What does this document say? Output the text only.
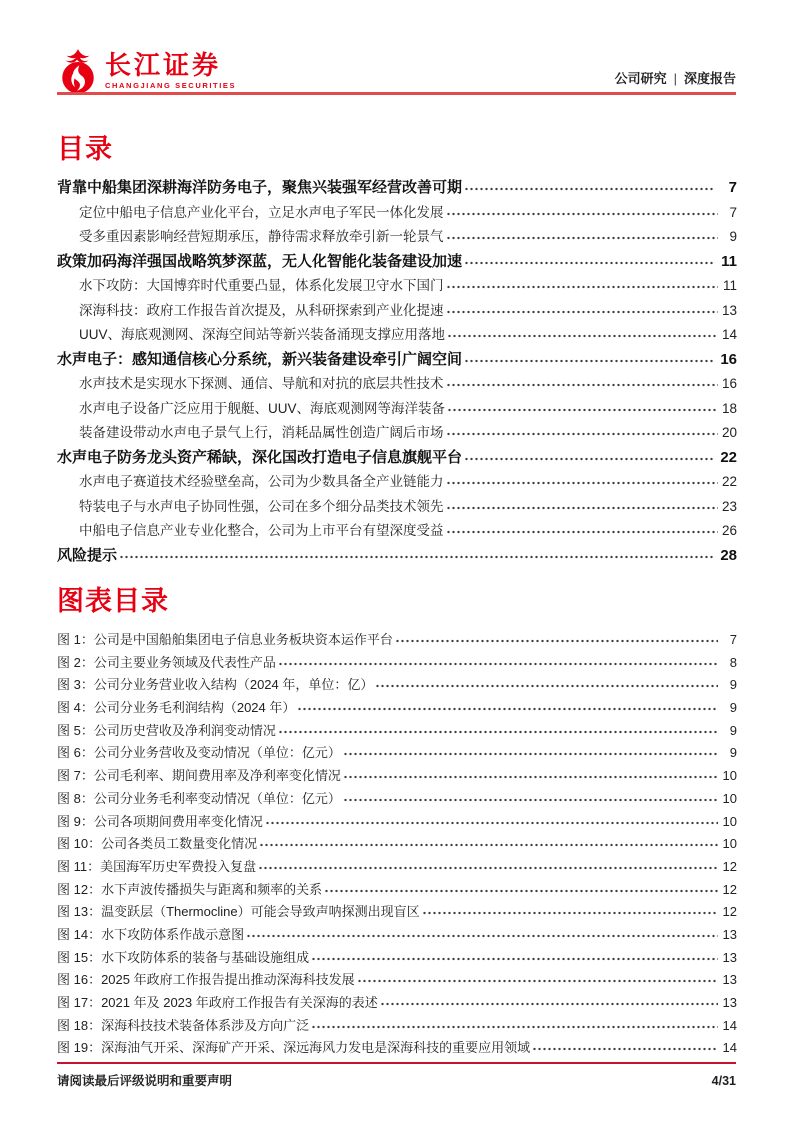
长江证券
CHANGJIANG SECURITIES	公司研究 | 深度报告
目录
背靠中船集团深耕海洋防务电子，聚焦兴装强军经营改善可期	7
定位中船电子信息产业化平台，立足水声电子军民一体化发展	7
受多重因素影响经营短期承压，静待需求释放牵引新一轮景气	9
政策加码海洋强国战略筑梦深蓝，无人化智能化装备建设加速	11
水下攻防：大国博弈时代重要凸显，体系化发展卫守水下国门	11
深海科技：政府工作报告首次提及，从科研探索到产业化提速	13
UUV、海底观测网、深海空间站等新兴装备涌现支撑应用落地	14
水声电子：感知通信核心分系统，新兴装备建设牵引广阔空间	16
水声技术是实现水下探测、通信、导航和对抗的底层共性技术	16
水声电子设备广泛应用于舰艇、UUV、海底观测网等海洋装备	18
装备建设带动水声电子景气上行，消耗品属性创造广阔后市场	20
水声电子防务龙头资产稀缺，深化国改打造电子信息旗舰平台	22
水声电子赛道技术经验壁垒高，公司为少数具备全产业链能力	22
特装电子与水声电子协同性强，公司在多个细分品类技术领先	23
中船电子信息产业专业化整合，公司为上市平台有望深度受益	26
风险提示	28
图表目录
图 1：公司是中国船舶集团电子信息业务板块资本运作平台	7
图 2：公司主要业务领域及代表性产品	8
图 3：公司分业务营业收入结构（2024 年，单位：亿）	9
图 4：公司分业务毛利润结构（2024 年）	9
图 5：公司历史营收及净利润变动情况	9
图 6：公司分业务营收及变动情况（单位：亿元）	9
图 7：公司毛利率、期间费用率及净利率变化情况	10
图 8：公司分业务毛利率变动情况（单位：亿元）	10
图 9：公司各项期间费用率变化情况	10
图 10：公司各类员工数量变化情况	10
图 11：美国海军历史军费投入复盘	12
图 12：水下声波传播损失与距离和频率的关系	12
图 13：温变跃层（Thermocline）可能会导致声呐探测出现盲区	12
图 14：水下攻防体系作战示意图	13
图 15：水下攻防体系的装备与基础设施组成	13
图 16：2025 年政府工作报告提出推动深海科技发展	13
图 17：2021 年及 2023 年政府工作报告有关深海的表述	13
图 18：深海科技技术装备体系涉及方向广泛	14
图 19：深海油气开采、深海矿产开采、深远海风力发电是深海科技的重要应用领域	14
请阅读最后评级说明和重要声明	4/31
